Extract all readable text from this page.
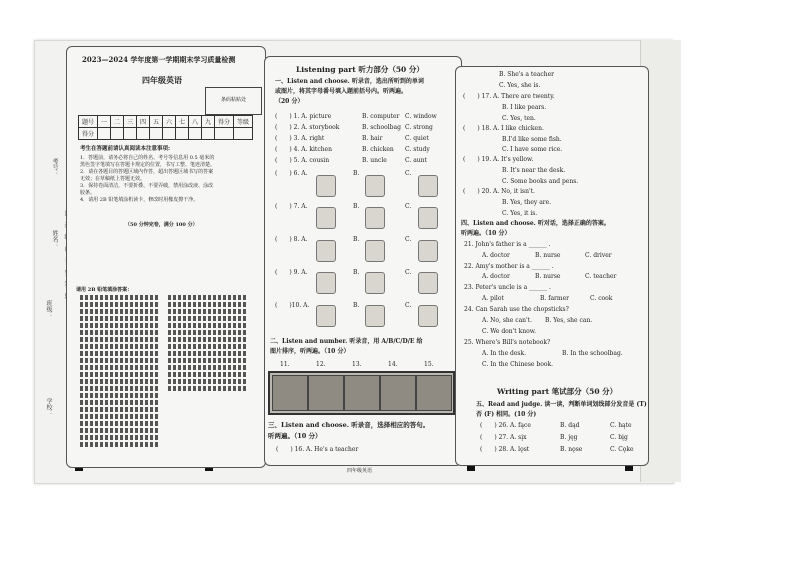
考号：
姓名：
班级：
学校：
2023—2024 学年度第一学期期末学习质量检测
四年级英语
条码粘贴处
题号	一	二	三	四	五	六	七	八	九	得分	等级
得分											
考生在答题前请认真阅读本注意事项:
1．答题前，请务必将自己的姓名、考号等信息用 0.5 毫米的
黑色签字笔填写在答题卡规定的位置，书写工整、笔迹清楚。
2．请在各题目的答题区域内作答，超出答题区域书写的答案
无效；在草稿纸上答题无效。
3．保持卷面清洁，不要折叠、不要弄破，禁用涂改液、涂改
胶条。
4．请用 2B 铅笔填涂机读卡，修改时用橡皮擦干净。
（50 分钟完卷，满分 100 分）
请用 2B 铅笔填涂答案：
Listening part 听力部分（50 分）
一、Listen and choose. 听录音，选出所听到的单词
或图片，将其字母番号填入题前括号内。听两遍。
（20 分）
(　　) 1. A. picture	B. computer C. window
(　　) 2. A. storybook	B. schoolbag C. strong
(　　) 3. A. right	B. hair	C. quiet
(　　) 4. A. kitchen	B. chicken C. study
(　　) 5. A. cousin	B. uncle	C. aunt
(　　) 6. A.	B.	C.
(　　) 7. A.	B.	C.
(　　) 8. A.	B.	C.
(　　) 9. A.	B.	C.
(　　)10. A.	B.	C.
二、Listen and number. 听录音，用 A/B/C/D/E 给
图片排序，听两遍。（10 分）
11.	12.	13.	14.	15.
三、Listen and choose. 听录音，选择相应的答句。
听两遍。（10 分）
(　　) 16. A. He's a teacher
B. She's a teacher
C. Yes, she is.
(　　) 17. A. There are twenty.
B. I like pears.
C. Yes, ten.
(　　) 18. A. I like chicken.
B.I'd like some fish.
C. I have some rice.
(　　) 19. A. It's yellow.
B. It's near the desk.
C. Some books and pens.
(　　) 20. A. No, it isn't.
B. Yes, they are.
C. Yes, it is.
四、Listen and choose. 听对话，选择正确的答案。
听两遍。（10 分）
21. John's father is a ______ .
A. doctor	B. nurse	C. driver
22. Amy's mother is a ______ .
A. doctor	B. nurse	C. teacher
23. Peter's uncle is a ______ .
A. pilot	B. farmer	C. cook
24. Can Sarah use the chopsticks?
A. No, she can't. B. Yes, she can.
C. We don't know.
25. Where's Bill's notebook?
A. In the desk.	B. In the schoolbag.
C. In the Chinese book.
Writing part 笔试部分（50 分）
五、Read and judge. 读一读，判断单词划线部分发音是 (T)
否 (F) 相同。(10 分)
(　　) 26. A. fące	B. dąd	C. hąte
(　　) 27. A. sįx	B. jęg	C. bįg
(　　) 28. A. lǫst	B. nǫse	C. Cǫke
四年级英语
